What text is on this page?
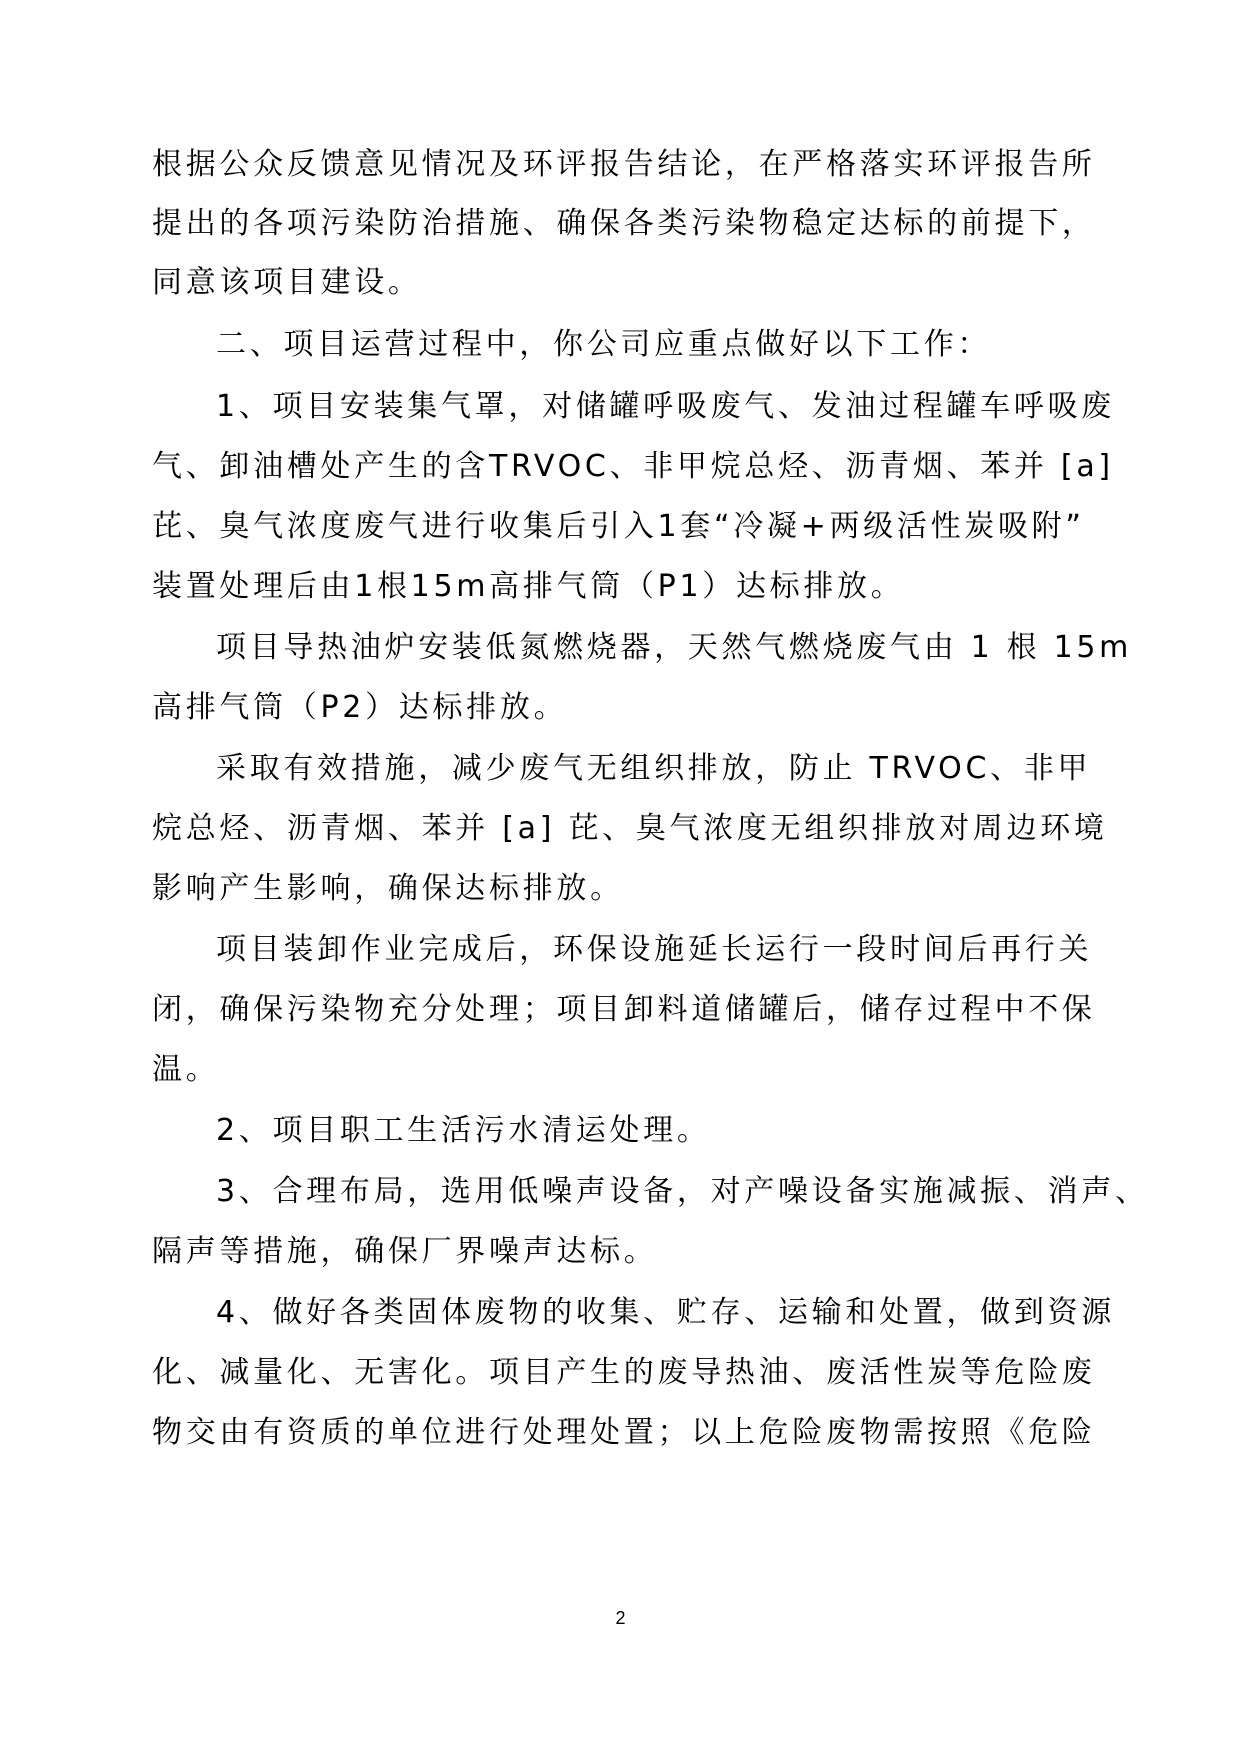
根据公众反馈意见情况及环评报告结论，在严格落实环评报告所
提出的各项污染防治措施、确保各类污染物稳定达标的前提下，
同意该项目建设。
二、项目运营过程中，你公司应重点做好以下工作：
1、项目安装集气罩，对储罐呼吸废气、发油过程罐车呼吸废
气、卸油槽处产生的含TRVOC、非甲烷总烃、沥青烟、苯并 [a]
芘、臭气浓度废气进行收集后引入1套“冷凝+两级活性炭吸附”
装置处理后由1根15m高排气筒（P1）达标排放。
项目导热油炉安装低氮燃烧器，天然气燃烧废气由 1 根 15m
高排气筒（P2）达标排放。
采取有效措施，减少废气无组织排放，防止 TRVOC、非甲
烷总烃、沥青烟、苯并 [a] 芘、臭气浓度无组织排放对周边环境
影响产生影响，确保达标排放。
项目装卸作业完成后，环保设施延长运行一段时间后再行关
闭，确保污染物充分处理；项目卸料道储罐后，储存过程中不保
温。
2、项目职工生活污水清运处理。
3、合理布局，选用低噪声设备，对产噪设备实施减振、消声、
隔声等措施，确保厂界噪声达标。
4、做好各类固体废物的收集、贮存、运输和处置，做到资源
化、减量化、无害化。项目产生的废导热油、废活性炭等危险废
物交由有资质的单位进行处理处置；以上危险废物需按照《危险
2
